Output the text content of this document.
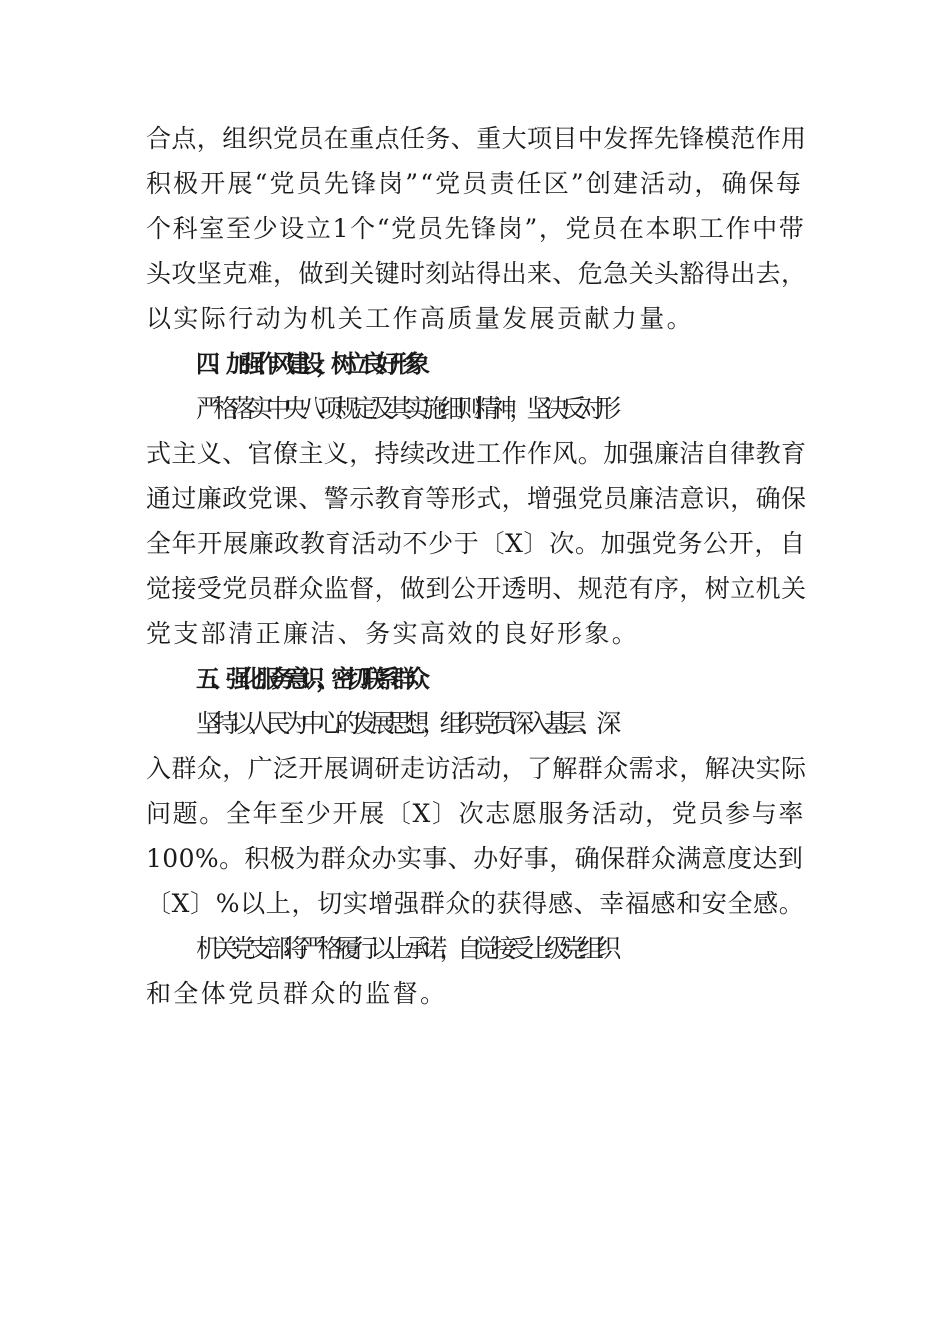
合点，组织党员在重点任务、重大项目中发挥先锋模范作用
积极开展“党员先锋岗”“党员责任区”创建活动，确保每
个科室至少设立1个“党员先锋岗”，党员在本职工作中带
头攻坚克难，做到关键时刻站得出来、危急关头豁得出去，
以实际行动为机关工作高质量发展贡献力量。
四、加强作风建设，树立良好形象
严格落实中央八项规定及其实施细则精神，坚决反对形
式主义、官僚主义，持续改进工作作风。加强廉洁自律教育
通过廉政党课、警示教育等形式，增强党员廉洁意识，确保
全年开展廉政教育活动不少于〔X〕次。加强党务公开，自
觉接受党员群众监督，做到公开透明、规范有序，树立机关
党支部清正廉洁、务实高效的良好形象。
五、强化服务意识，密切联系群众
坚持以人民为中心的发展思想，组织党员深入基层、深
入群众，广泛开展调研走访活动，了解群众需求，解决实际
问题。全年至少开展〔X〕次志愿服务活动，党员参与率
100%。积极为群众办实事、办好事，确保群众满意度达到
〔X〕%以上，切实增强群众的获得感、幸福感和安全感。
机关党支部将严格履行以上承诺，自觉接受上级党组织
和全体党员群众的监督。
